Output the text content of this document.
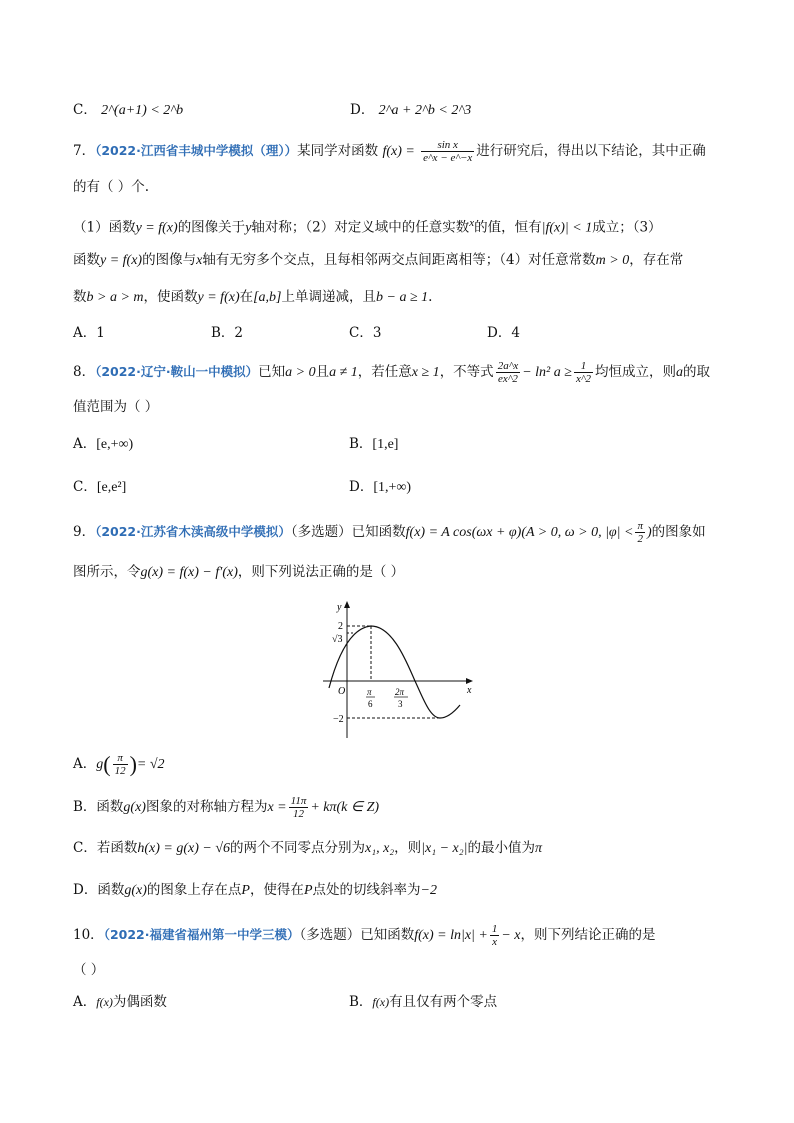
C． 2^(a+1) < 2^b	D． 2^a + 2^b < 2^3
7．（2022·江西省丰城中学模拟（理））某同学对函数 $f(x) = \frac{\text{sin x}}{e\^{}x - e\^{}-x}$ 进行研究后，得出以下结论，其中正确
的有（ ）个.
（1）函数y = f(x)的图像关于y轴对称；（2）对定义域中的任意实数$^x$的值，恒有|f(x)| < 1成立；（3）
函数y = f(x)的图像与x轴有无穷多个交点，且每相邻两交点间距离相等；（4）对任意常数m > 0，存在常
数b > a > m，使函数y = f(x)在[a,b]上单调递减，且b − a ≥ 1.
A．1	B．2	C．3	D．4
8．（2022·辽宁·鞍山一中模拟）已知a > 0且a ≠ 1，若任意x ≥ 1，不等式 $\frac{2a\^{}x}{ex\^{}2} - \ln^2$ $a \ge \frac{1}{x\^{}2}$ 均恒成立，则a的取
值范围为（ ）
A．[e,+∞)	B．[1,e]
C．[e,e²]	D．[1,+∞)
9．（2022·江苏省木渎高级中学模拟）（多选题）已知函数f(x) = A cos(ωx + φ)(A > 0, ω > 0, $|\varphi| < \frac{\pi}{2}$ )的图象如
图所示，令g(x) = f(x) − f′(x)，则下列说法正确的是（ ）
y
x
O
2
√3
−2
π
6
2π
3
A．$g( \frac{\pi}{12}$ )= √2
B．函数g(x)图象的对称轴方程为$x = \frac{11\pi}{12} + k\pi(k$ ∈ Z)
C．若函数h(x) = g(x) − √6的两个不同零点分别为x₁, x₂，则|x₁ − x₂|的最小值为π
D．函数g(x)的图象上存在点P，使得在P点处的切线斜率为−2
10．（2022·福建省福州第一中学三模）（多选题）已知函数$f(x) = \ln|x| + \frac{1}{x} - x$，则下列结论正确的是
（ ）
A．f(x)为偶函数	B．f(x)有且仅有两个零点
